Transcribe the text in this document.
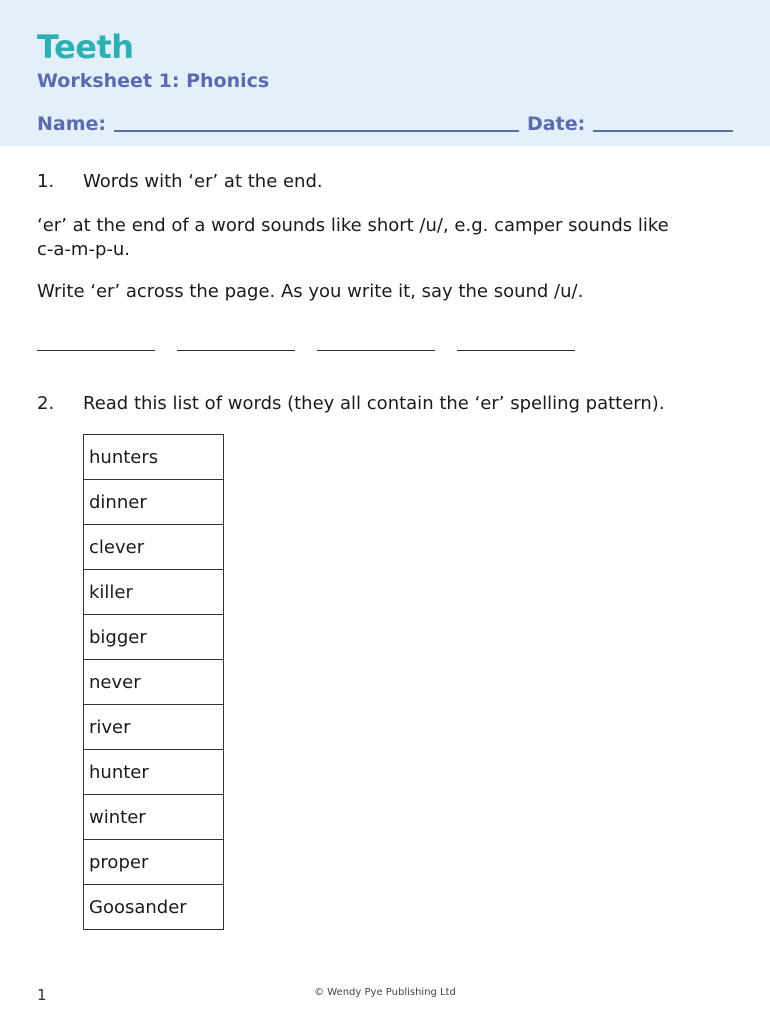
Teeth
Worksheet 1: Phonics
Name:	Date:
1. Words with ‘er’ at the end.
‘er’ at the end of a word sounds like short /u/, e.g. camper sounds like
c-a-m-p-u.
Write ‘er’ across the page. As you write it, say the sound /u/.
2. Read this list of words (they all contain the ‘er’ spelling pattern).
hunters
dinner
clever
killer
bigger
never
river
hunter
winter
proper
Goosander
1	© Wendy Pye Publishing Ltd
